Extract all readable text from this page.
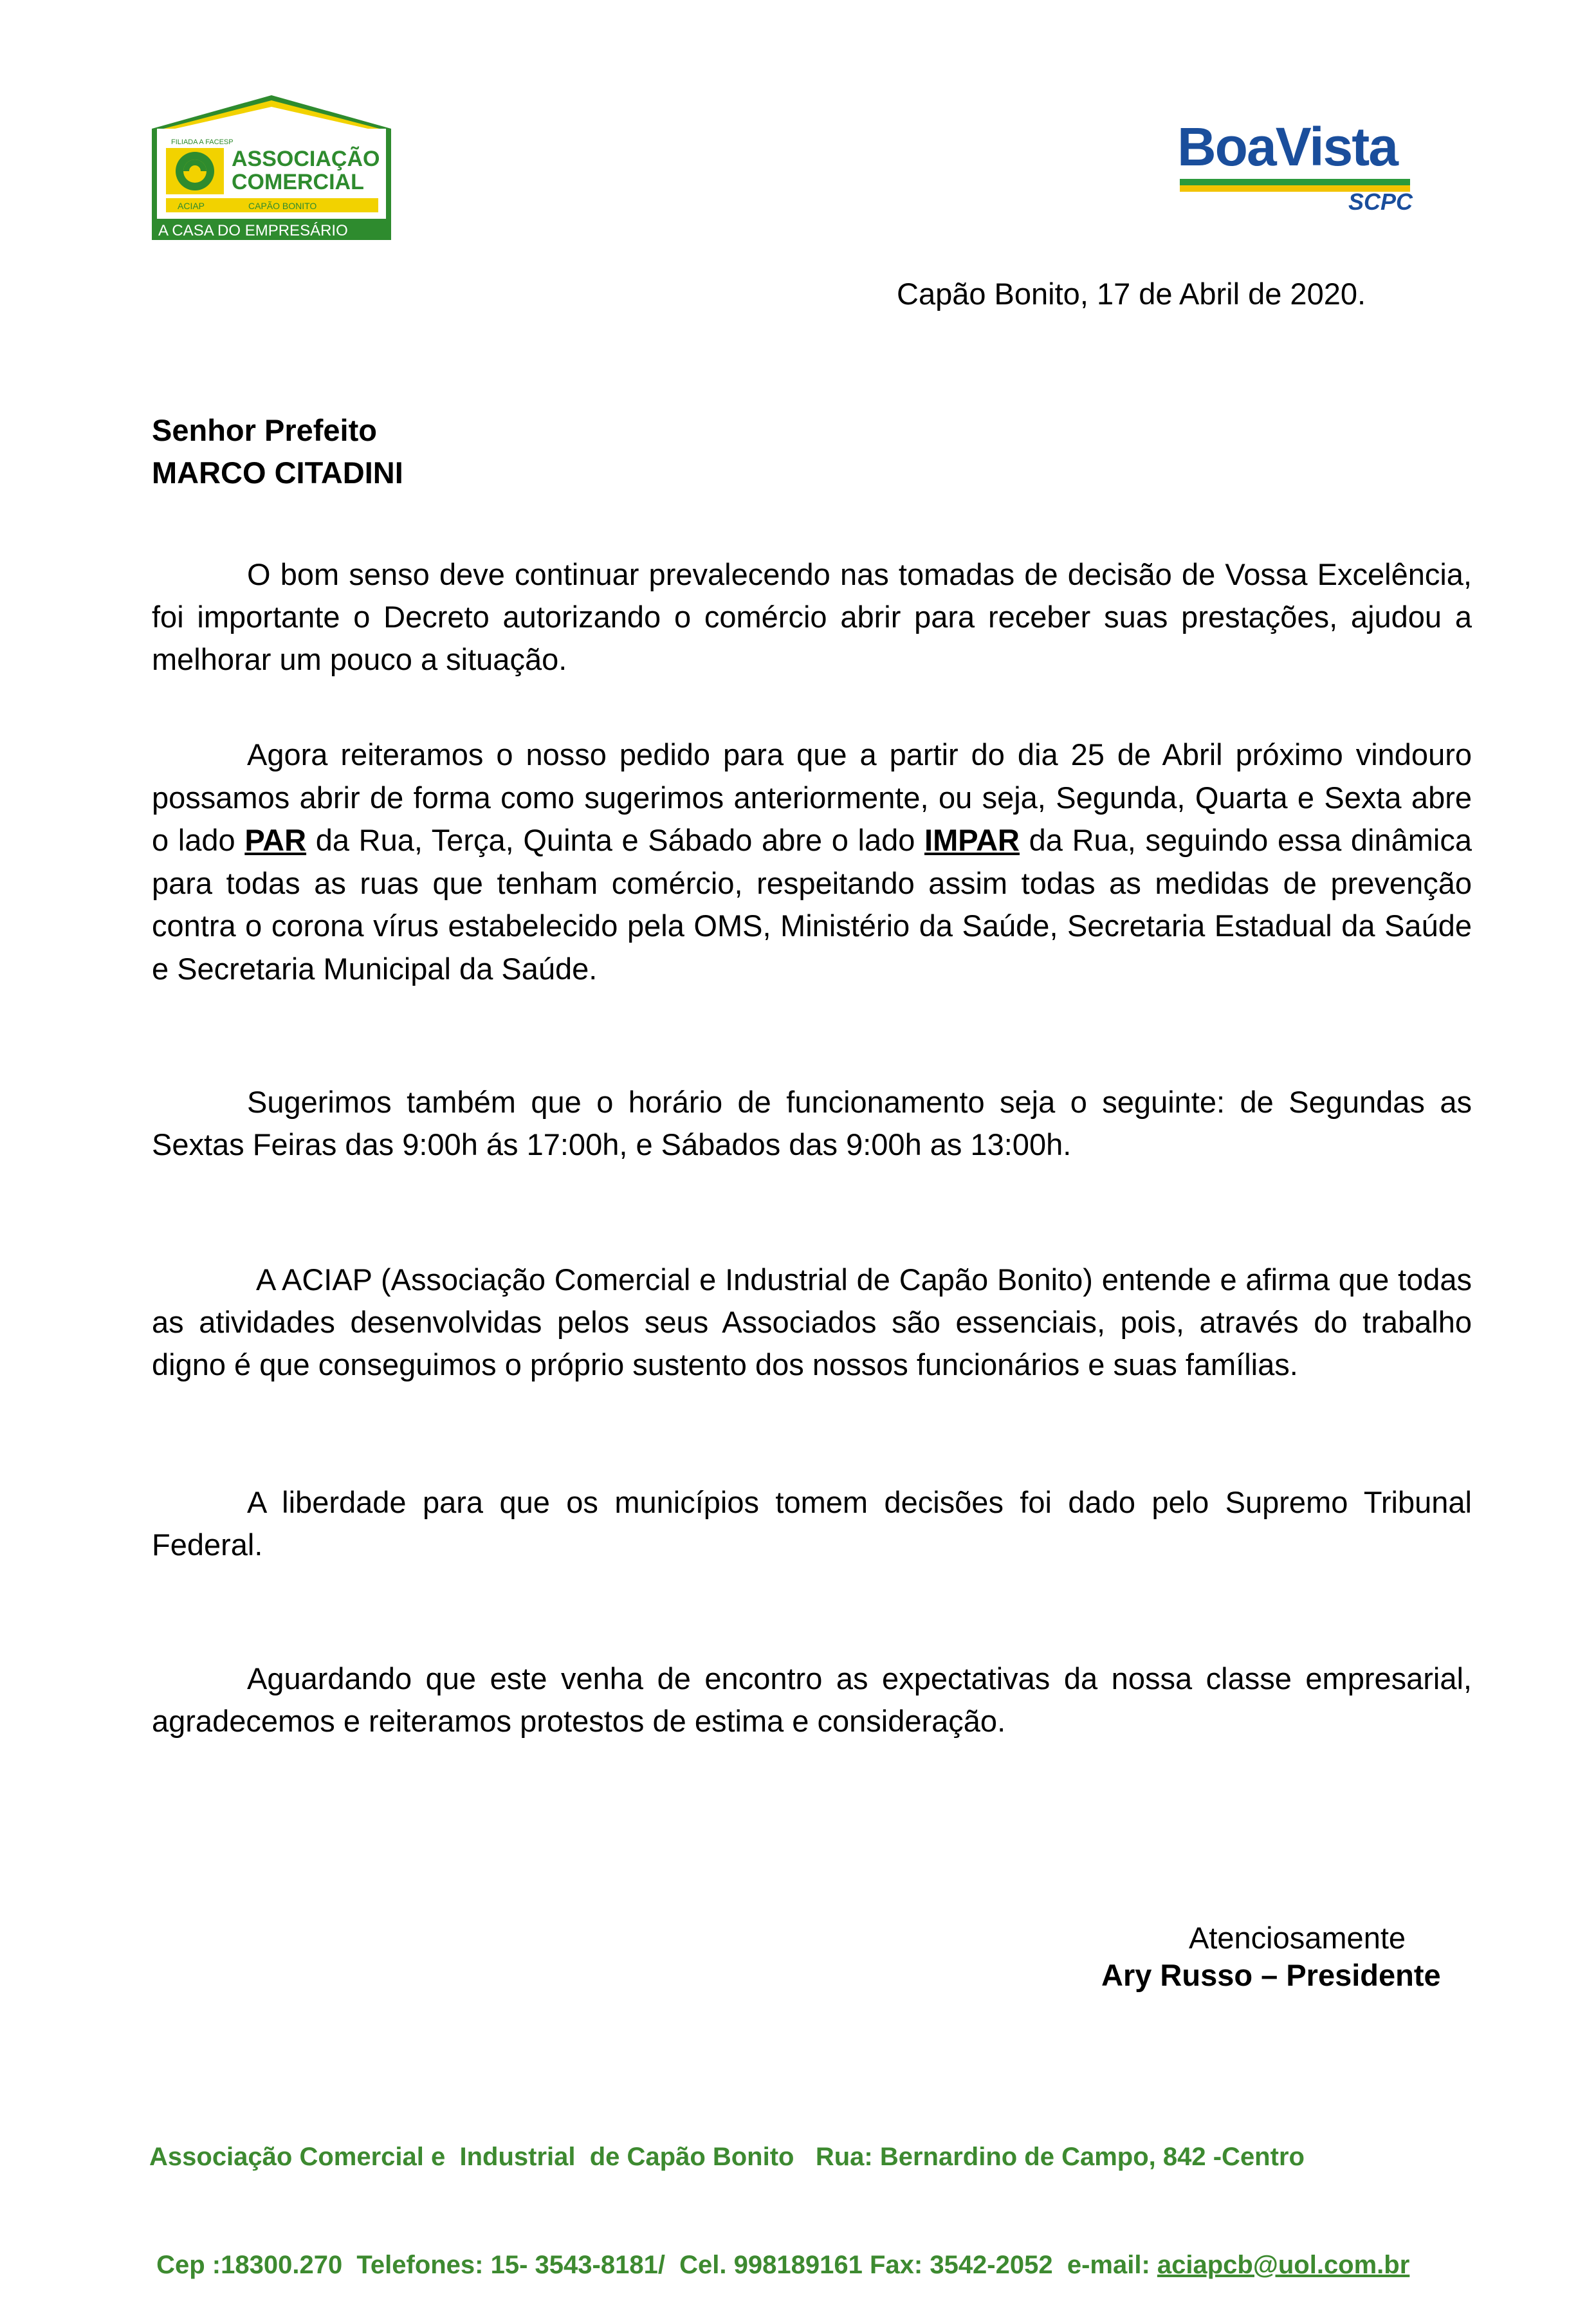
FILIADA A FACESP
ASSOCIAÇÃO
COMERCIAL
ACIAP	CAPÃO BONITO
A CASA DO EMPRESÁRIO
BoaVista
SCPC
Capão Bonito, 17 de Abril de 2020.
Senhor Prefeito
MARCO CITADINI

O bom senso deve continuar prevalecendo nas tomadas de decisão de Vossa Excelência, foi importante o Decreto autorizando o comércio abrir para receber suas prestações, ajudou a melhorar um pouco a situação.

Agora reiteramos o nosso pedido para que a partir do dia 25 de Abril próximo vindouro possamos abrir de forma como sugerimos anteriormente, ou seja, Segunda, Quarta e Sexta abre o lado PAR da Rua, Terça, Quinta e Sábado abre o lado IMPAR da Rua, seguindo essa dinâmica para todas as ruas que tenham comércio, respeitando assim todas as medidas de prevenção contra o corona vírus estabelecido pela OMS, Ministério da Saúde, Secretaria Estadual da Saúde e Secretaria Municipal da Saúde.

Sugerimos também que o horário de funcionamento seja o seguinte: de Segundas as Sextas Feiras das 9:00h ás 17:00h, e Sábados das 9:00h as 13:00h.

A ACIAP (Associação Comercial e Industrial de Capão Bonito) entende e afirma que todas as atividades desenvolvidas pelos seus Associados são essenciais, pois, através do trabalho digno é que conseguimos o próprio sustento dos nossos funcionários e suas famílias.

A liberdade para que os municípios tomem decisões foi dado pelo Supremo Tribunal Federal.

Aguardando que este venha de encontro as expectativas da nossa classe empresarial, agradecemos e reiteramos protestos de estima e consideração.

Atenciosamente
Ary Russo – Presidente

Associação Comercial e  Industrial  de Capão Bonito   Rua: Bernardino de Campo, 842 -Centro

Cep :18300.270  Telefones: 15- 3543-8181/  Cel. 998189161 Fax: 3542-2052  e-mail: aciapcb@uol.com.br
